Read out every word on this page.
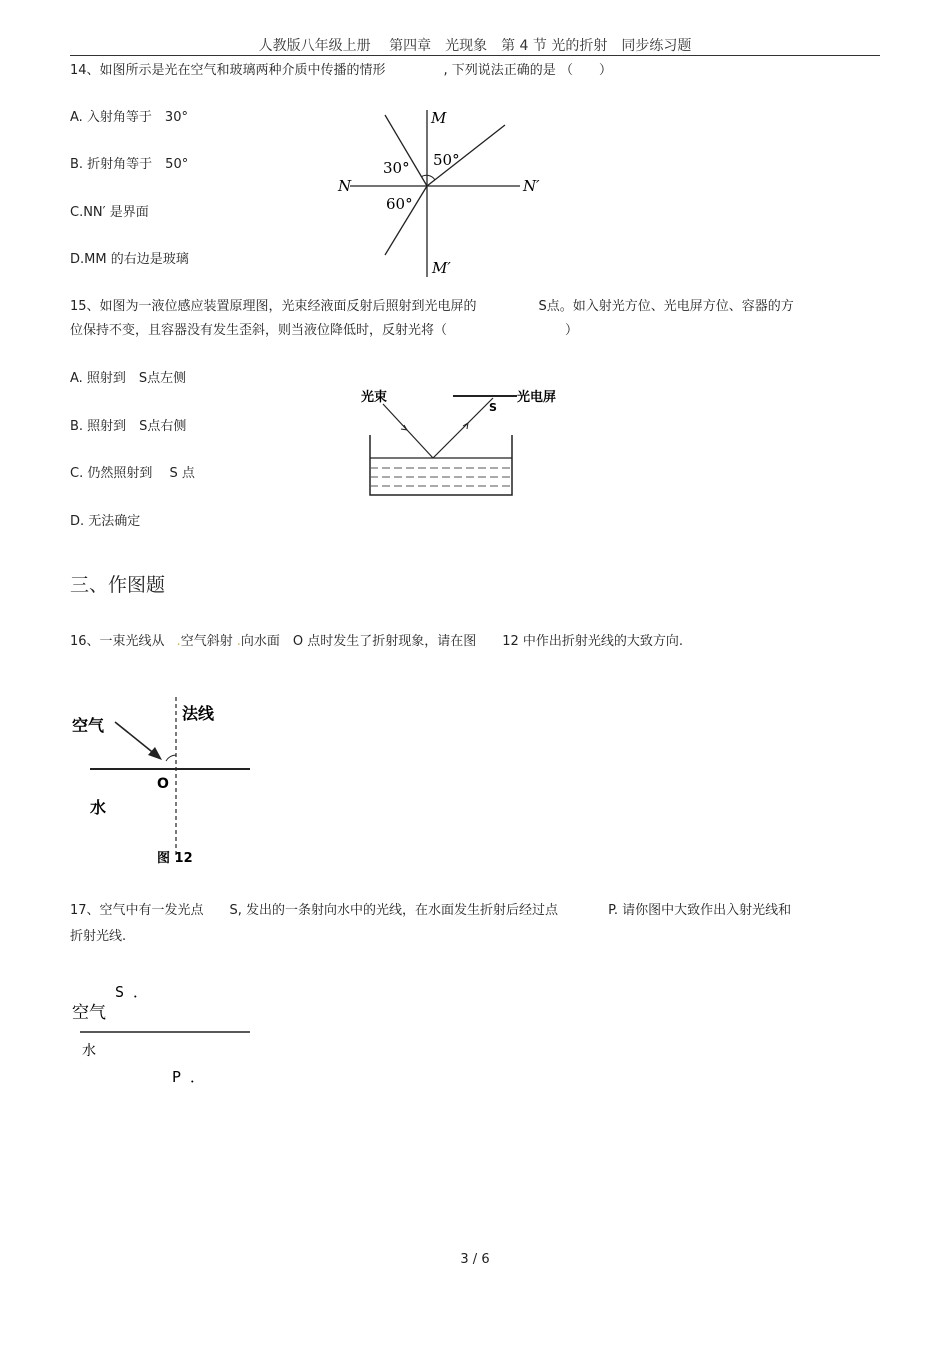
人教版八年级上册　 第四章　光现象　第 4 节 光的折射　同步练习题
14、如图所示是光在空气和玻璃两种介质中传播的情形	, 下列说法正确的是 （　　）
A. 入射角等于　30°
B. 折射角等于　50°
C.NN′ 是界面
D.MM 的右边是玻璃
M
M′
N	N′
30° 50°
60°
15、如图为一液位感应装置原理图，光束经液面反射后照射到光电屏的	S点。如入射光方位、光电屏方位、容器的方
位保持不变，且容器没有发生歪斜，则当液位降低时，反射光将（	）
A. 照射到　S点左侧
B. 照射到　S点右侧
C. 仍然照射到　 S 点
D. 无法确定
光束	光电屏
S
三、作图题
16、一束光线从 .空气斜射 .向水面　O 点时发生了折射现象，请在图　　12 中作出折射光线的大致方向.
空气
法线
O
水
图 12
17、空气中有一发光点　　S, 发出的一条射向水中的光线，在水面发生折射后经过点	P. 请你图中大致作出入射光线和
折射光线.
S ．
空气
水
P ．
3 / 6
